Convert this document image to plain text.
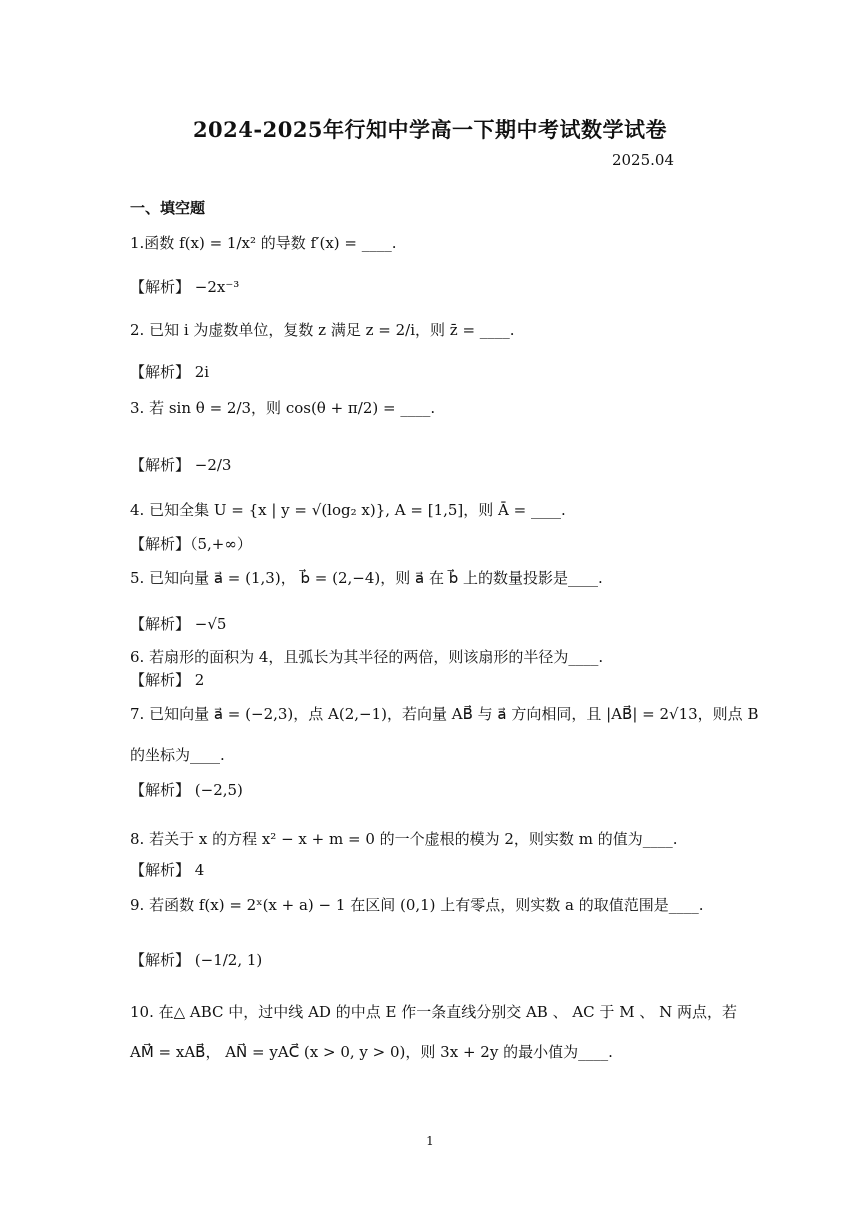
2024-2025年行知中学高一下期中考试数学试卷
2025.04
一、填空题
1.函数 f(x) = 1/x² 的导数 f′(x) = ____.
【解析】 −2x⁻³
2. 已知 i 为虚数单位，复数 z 满足 z = 2/i，则 z̄ = ____.
【解析】 2i
3. 若 sin θ = 2/3，则 cos(θ + π/2) = ____.
【解析】 −2/3
4. 已知全集 U = {x | y = √(log₂ x)}, A = [1,5]，则 Ā = ____.
【解析】（5,+∞）
5. 已知向量 a⃗ = (1,3)， b⃗ = (2,−4)，则 a⃗ 在 b⃗ 上的数量投影是____.
【解析】 −√5
6. 若扇形的面积为 4，且弧长为其半径的两倍，则该扇形的半径为____.
【解析】 2
7. 已知向量 a⃗ = (−2,3)，点 A(2,−1)，若向量 AB⃗ 与 a⃗ 方向相同，且 |AB⃗| = 2√13，则点 B
的坐标为____.
【解析】 (−2,5)
8. 若关于 x 的方程 x² − x + m = 0 的一个虚根的模为 2，则实数 m 的值为____.
【解析】 4
9. 若函数 f(x) = 2ˣ(x + a) − 1 在区间 (0,1) 上有零点，则实数 a 的取值范围是____.
【解析】 (−1/2, 1)
10. 在△ ABC 中，过中线 AD 的中点 E 作一条直线分别交 AB 、 AC 于 M 、 N 两点，若
AM⃗ = xAB⃗， AN⃗ = yAC⃗ (x > 0, y > 0)，则 3x + 2y 的最小值为____.
1
